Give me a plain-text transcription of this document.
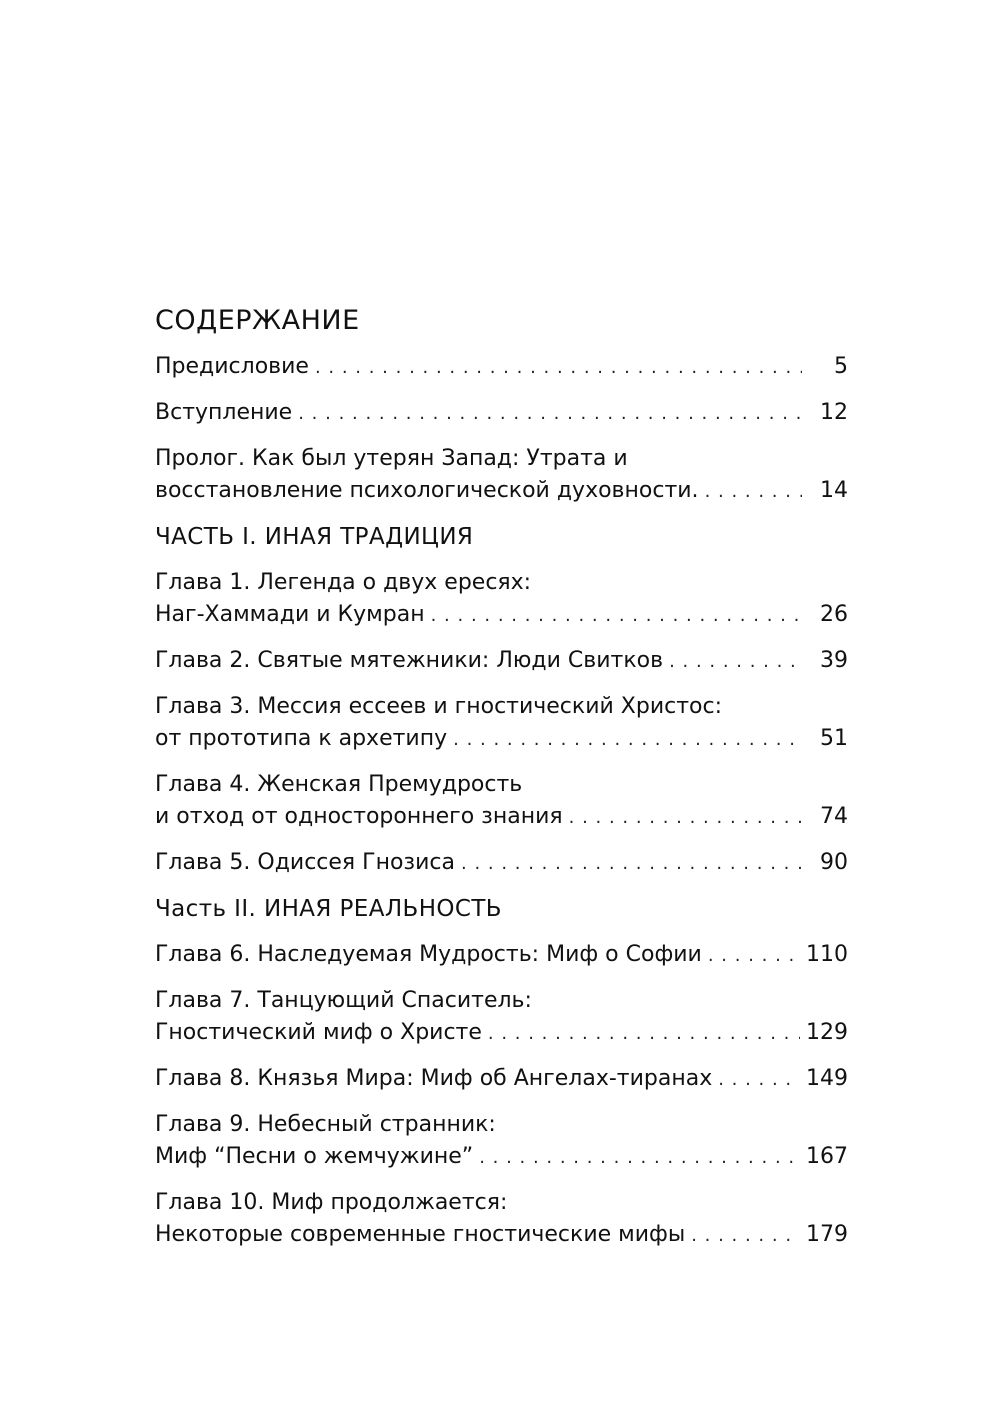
СОДЕРЖАНИЕ
Предисловие . . .	5
Вступление . . .	12
Пролог. Как был утерян Запад: Утрата и
восстановление психологической духовности. . . .	14
ЧАСТЬ I. ИНАЯ ТРАДИЦИЯ
Глава 1. Легенда о двух ересях:
Наг-Хаммади и Кумран . . .	26
Глава 2. Святые мятежники: Люди Свитков . . .	39
Глава 3. Мессия ессеев и гностический Христос:
от прототипа к архетипу . . .	51
Глава 4. Женская Премудрость
и отход от одностороннего знания . . .	74
Глава 5. Одиссея Гнозиса . . .	90
Часть II. ИНАЯ РЕАЛЬНОСТЬ
Глава 6. Наследуемая Мудрость: Миф о Софии . . .	110
Глава 7. Танцующий Спаситель:
Гностический миф о Христе . . .	129
Глава 8. Князья Мира: Миф об Ангелах-тиранах . . .	149
Глава 9. Небесный странник:
Миф “Песни о жемчужине” . . .	167
Глава 10. Миф продолжается:
Некоторые современные гностические мифы . . .	179
